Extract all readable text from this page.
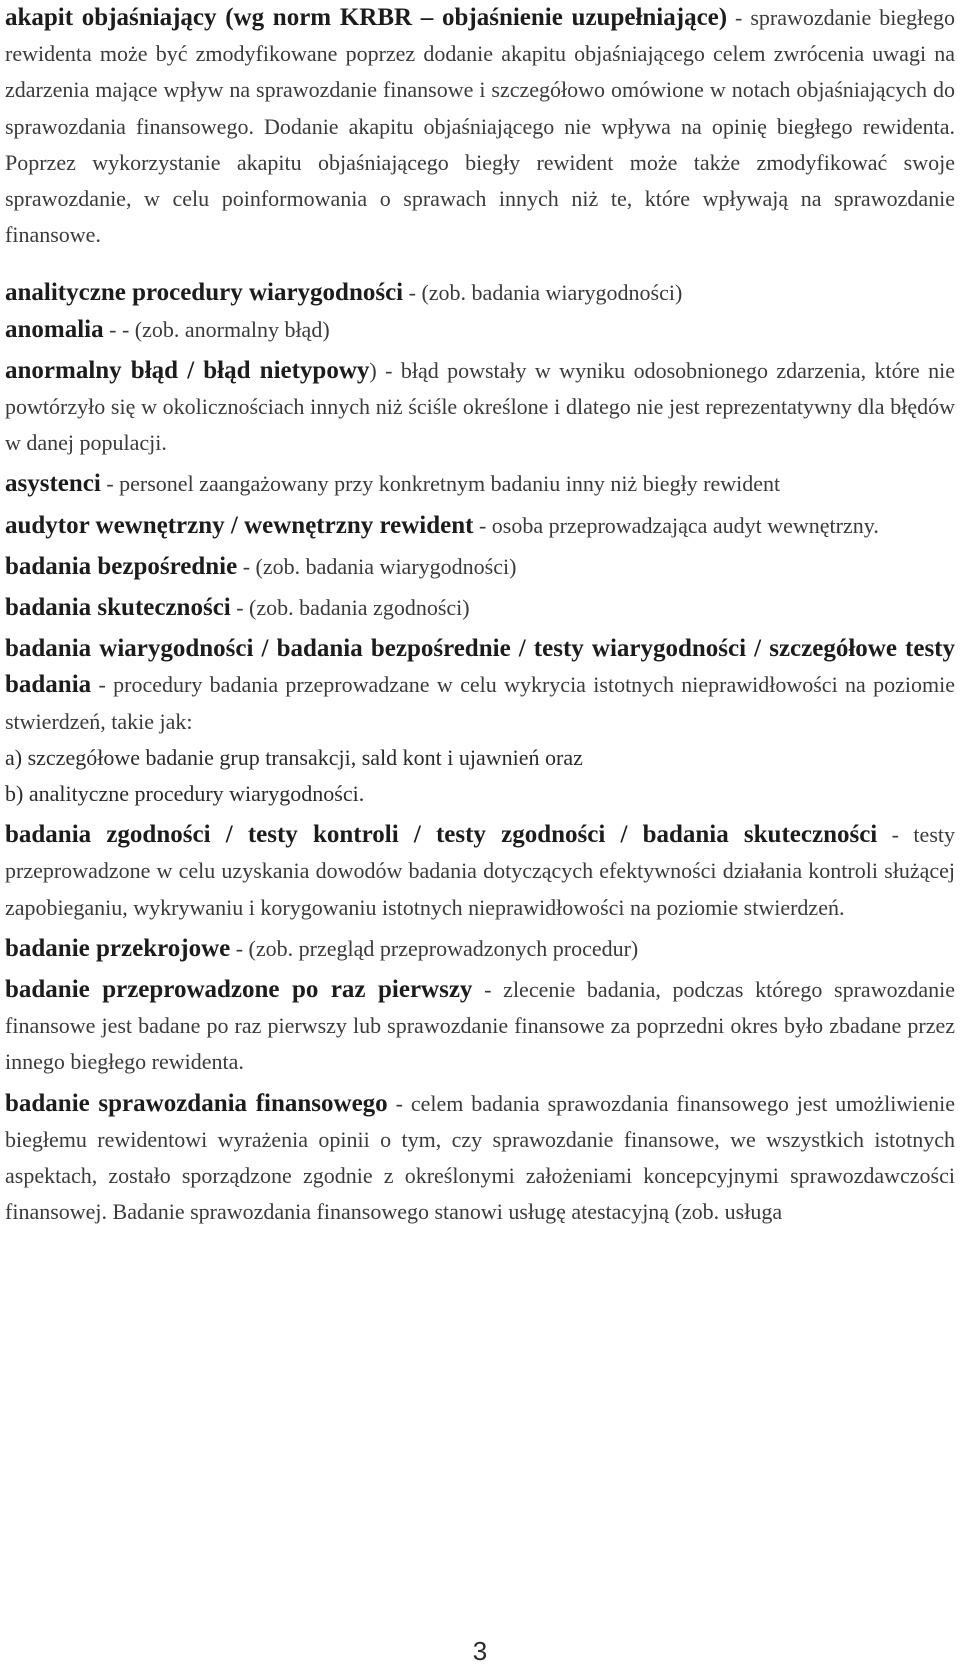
akapit objaśniający (wg norm KRBR – objaśnienie uzupełniające) - sprawozdanie biegłego rewidenta może być zmodyfikowane poprzez dodanie akapitu objaśniającego celem zwrócenia uwagi na zdarzenia mające wpływ na sprawozdanie finansowe i szczegółowo omówione w notach objaśniających do sprawozdania finansowego. Dodanie akapitu objaśniającego nie wpływa na opinię biegłego rewidenta. Poprzez wykorzystanie akapitu objaśniającego biegły rewident może także zmodyfikować swoje sprawozdanie, w celu poinformowania o sprawach innych niż te, które wpływają na sprawozdanie finansowe.

analityczne procedury wiarygodności - (zob. badania wiarygodności)

anomalia - - (zob. anormalny błąd)

anormalny błąd / błąd nietypowy) - błąd powstały w wyniku odosobnionego zdarzenia, które nie powtórzyło się w okolicznościach innych niż ściśle określone i dlatego nie jest reprezentatywny dla błędów w danej populacji.

asystenci - personel zaangażowany przy konkretnym badaniu inny niż biegły rewident

audytor wewnętrzny / wewnętrzny rewident - osoba przeprowadzająca audyt wewnętrzny.

badania bezpośrednie - (zob. badania wiarygodności)

badania skuteczności - (zob. badania zgodności)

badania wiarygodności / badania bezpośrednie / testy wiarygodności / szczegółowe testy badania - procedury badania przeprowadzane w celu wykrycia istotnych nieprawidłowości na poziomie stwierdzeń, takie jak:

a) szczegółowe badanie grup transakcji, sald kont i ujawnień oraz

b) analityczne procedury wiarygodności.

badania zgodności / testy kontroli / testy zgodności / badania skuteczności - testy przeprowadzone w celu uzyskania dowodów badania dotyczących efektywności działania kontroli służącej zapobieganiu, wykrywaniu i korygowaniu istotnych nieprawidłowości na poziomie stwierdzeń.

badanie przekrojowe - (zob. przegląd przeprowadzonych procedur)

badanie przeprowadzone po raz pierwszy - zlecenie badania, podczas którego sprawozdanie finansowe jest badane po raz pierwszy lub sprawozdanie finansowe za poprzedni okres było zbadane przez innego biegłego rewidenta.

badanie sprawozdania finansowego - celem badania sprawozdania finansowego jest umożliwienie biegłemu rewidentowi wyrażenia opinii o tym, czy sprawozdanie finansowe, we wszystkich istotnych aspektach, zostało sporządzone zgodnie z określonymi założeniami koncepcyjnymi sprawozdawczości finansowej. Badanie sprawozdania finansowego stanowi usługę atestacyjną (zob. usługa

3
